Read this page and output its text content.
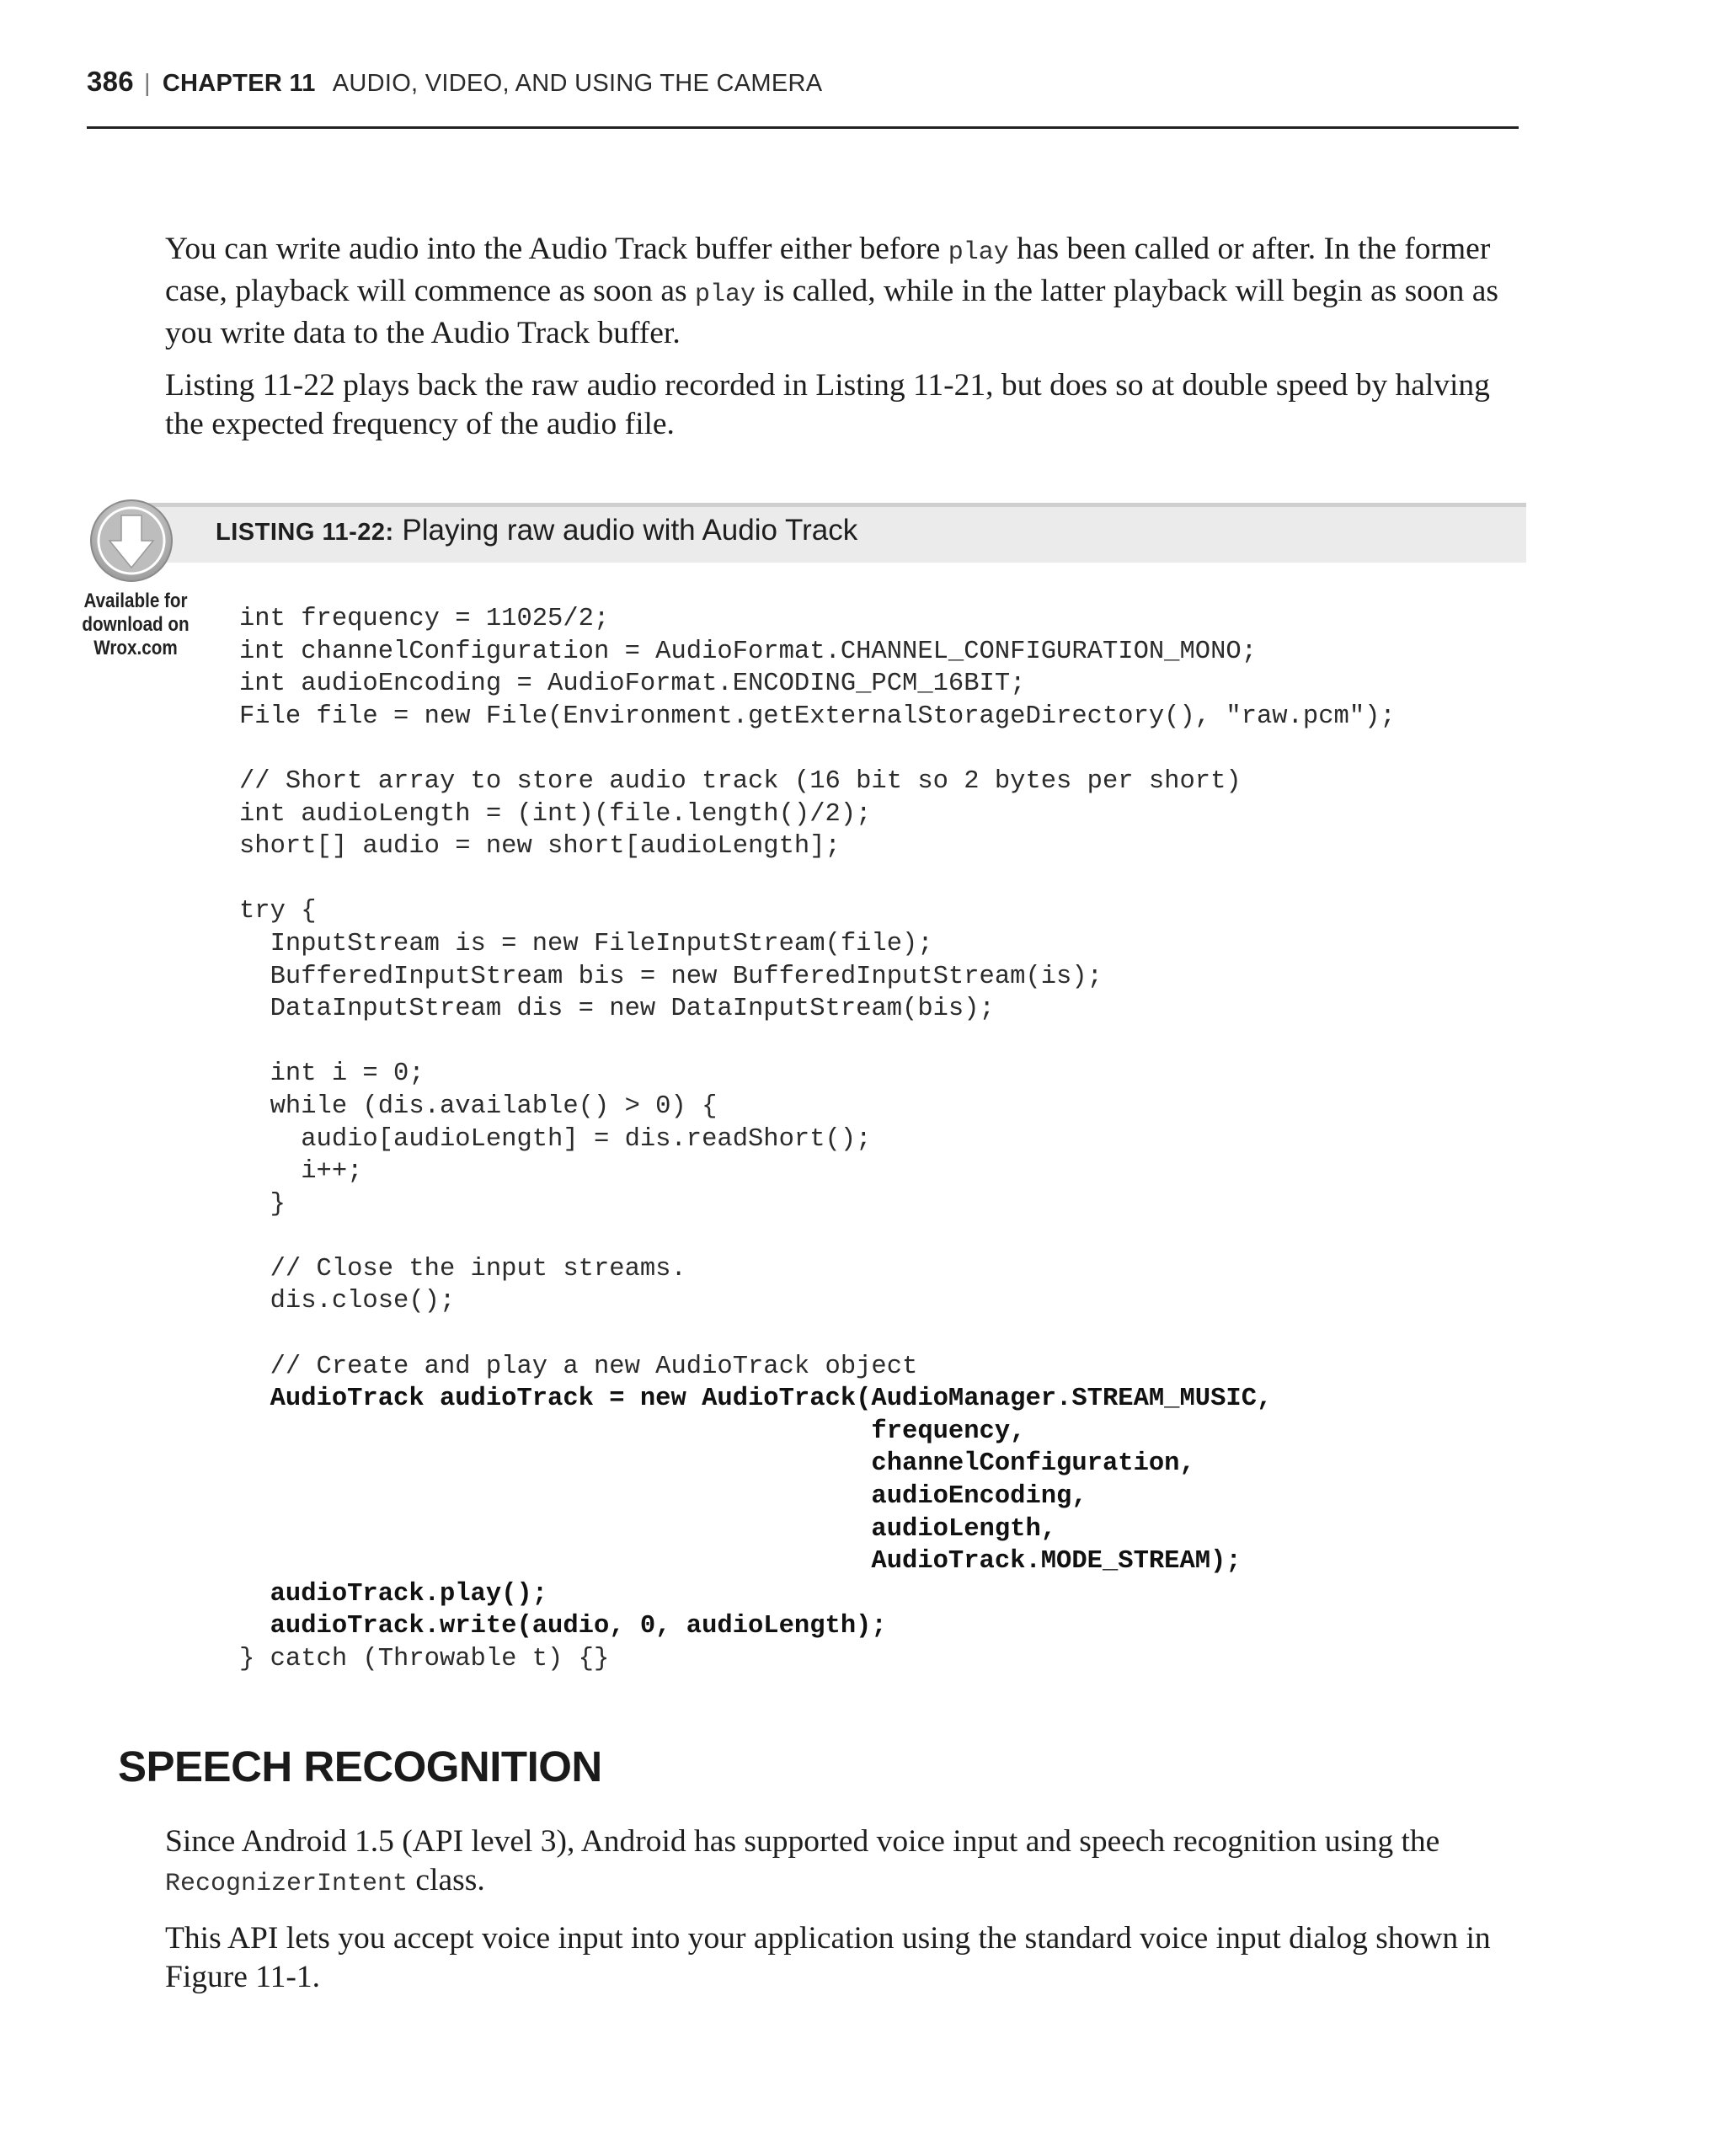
386 | CHAPTER 11 AUDIO, VIDEO, AND USING THE CAMERA

You can write audio into the Audio Track buffer either before play has been called or after. In the former case, playback will commence as soon as play is called, while in the latter playback will begin as soon as you write data to the Audio Track buffer.

Listing 11-22 plays back the raw audio recorded in Listing 11-21, but does so at double speed by halving the expected frequency of the audio file.

LISTING 11-22: Playing raw audio with Audio Track
Available for download on Wrox.com
int frequency = 11025/2;
int channelConfiguration = AudioFormat.CHANNEL_CONFIGURATION_MONO;
int audioEncoding = AudioFormat.ENCODING_PCM_16BIT;
File file = new File(Environment.getExternalStorageDirectory(), "raw.pcm");
// Short array to store audio track (16 bit so 2 bytes per short)
int audioLength = (int)(file.length()/2);
short[] audio = new short[audioLength];
try {
InputStream is = new FileInputStream(file);
BufferedInputStream bis = new BufferedInputStream(is);
DataInputStream dis = new DataInputStream(bis);
int i = 0;
while (dis.available() > 0) {
audio[audioLength] = dis.readShort();
i++;
}
// Close the input streams.
dis.close();
// Create and play a new AudioTrack object
AudioTrack audioTrack = new AudioTrack(AudioManager.STREAM_MUSIC,
frequency,
channelConfiguration,
audioEncoding,
audioLength,
AudioTrack.MODE_STREAM);
audioTrack.play();
audioTrack.write(audio, 0, audioLength);
} catch (Throwable t) {}
SPEECH RECOGNITION

Since Android 1.5 (API level 3), Android has supported voice input and speech recognition using the RecognizerIntent class.

This API lets you accept voice input into your application using the standard voice input dialog shown in Figure 11-1.
